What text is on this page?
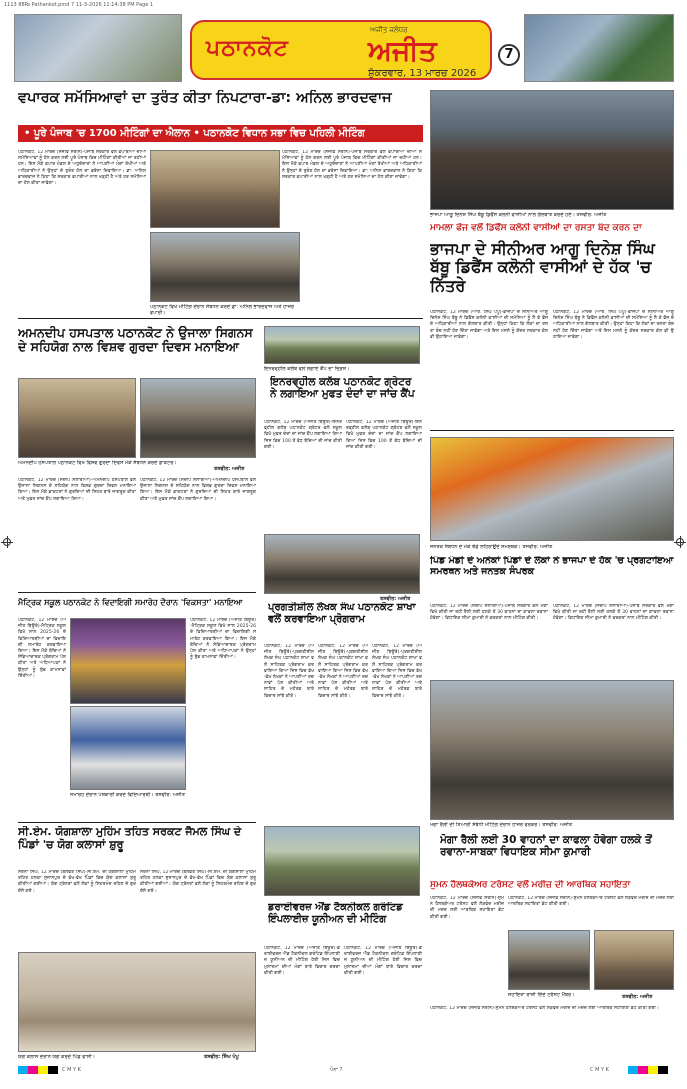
1113 88₨ Pathankot.pmd 7 11-3-2026 11:14:38 PM Page 1
ਪਠਾਨਕੋਟ
ਅਜੀਤ ਜਲੰਧਰ
ਅਜੀਤ
ਸ਼ੁੱਕਰਵਾਰ, 13 ਮਾਰਚ 2026
7
ਵਪਾਰਕ ਸਮੱਸਿਆਵਾਂ ਦਾ ਤੁਰੰਤ ਕੀਤਾ ਨਿਪਟਾਰਾ-ਡਾ: ਅਨਿਲ ਭਾਰਦਵਾਜ
• ਪੂਰੇ ਪੰਜਾਬ 'ਚ 1700 ਮੀਟਿੰਗਾਂ ਦਾ ਐਲਾਨ • ਪਠਾਨਕੋਟ ਵਿਧਾਨ ਸਭਾ ਵਿਚ ਪਹਿਲੀ ਮੀਟਿੰਗ
ਪਠਾਨਕੋਟ, 12 ਮਾਰਚ (ਸੰਜੀਵ ਸਰੀਨ)-ਪੰਜਾਬ ਸਰਕਾਰ ਵਲੋਂ ਵਪਾਰੀਆਂ ਦੀਆਂ ਸਮੱਸਿਆਵਾਂ ਨੂੰ ਹੱਲ ਕਰਨ ਲਈ ਪੂਰੇ ਪੰਜਾਬ ਵਿਚ ਮੀਟਿੰਗਾਂ ਕੀਤੀਆਂ ਜਾ ਰਹੀਆਂ ਹਨ। ਇਸ ਮੌਕੇ ਵਪਾਰ ਮੰਡਲ ਦੇ ਅਹੁਦੇਦਾਰਾਂ ਨੇ ਆਪਣੀਆਂ ਮੰਗਾਂ ਰੱਖੀਆਂ ਅਤੇ ਅਧਿਕਾਰੀਆਂ ਨੇ ਉਨ੍ਹਾਂ ਦੇ ਤੁਰੰਤ ਹੱਲ ਦਾ ਭਰੋਸਾ ਦਿਵਾਇਆ। ਡਾ: ਅਨਿਲ ਭਾਰਦਵਾਜ ਨੇ ਕਿਹਾ ਕਿ ਸਰਕਾਰ ਵਪਾਰੀਆਂ ਨਾਲ ਖੜ੍ਹੀ ਹੈ ਅਤੇ ਹਰ ਸਮੱਸਿਆ ਦਾ ਹੱਲ ਕੀਤਾ ਜਾਵੇਗਾ।
ਪਠਾਨਕੋਟ, 12 ਮਾਰਚ (ਸੰਜੀਵ ਸਰੀਨ)-ਪੰਜਾਬ ਸਰਕਾਰ ਵਲੋਂ ਵਪਾਰੀਆਂ ਦੀਆਂ ਸਮੱਸਿਆਵਾਂ ਨੂੰ ਹੱਲ ਕਰਨ ਲਈ ਪੂਰੇ ਪੰਜਾਬ ਵਿਚ ਮੀਟਿੰਗਾਂ ਕੀਤੀਆਂ ਜਾ ਰਹੀਆਂ ਹਨ। ਇਸ ਮੌਕੇ ਵਪਾਰ ਮੰਡਲ ਦੇ ਅਹੁਦੇਦਾਰਾਂ ਨੇ ਆਪਣੀਆਂ ਮੰਗਾਂ ਰੱਖੀਆਂ ਅਤੇ ਅਧਿਕਾਰੀਆਂ ਨੇ ਉਨ੍ਹਾਂ ਦੇ ਤੁਰੰਤ ਹੱਲ ਦਾ ਭਰੋਸਾ ਦਿਵਾਇਆ। ਡਾ: ਅਨਿਲ ਭਾਰਦਵਾਜ ਨੇ ਕਿਹਾ ਕਿ ਸਰਕਾਰ ਵਪਾਰੀਆਂ ਨਾਲ ਖੜ੍ਹੀ ਹੈ ਅਤੇ ਹਰ ਸਮੱਸਿਆ ਦਾ ਹੱਲ ਕੀਤਾ ਜਾਵੇਗਾ।
ਪਠਾਨਕੋਟ ਵਿਖੇ ਮੀਟਿੰਗ ਦੌਰਾਨ ਸੰਬੋਧਨ ਕਰਦੇ ਡਾ: ਅਨਿਲ ਭਾਰਦਵਾਜ ਅਤੇ ਹਾਜ਼ਰ ਵਪਾਰੀ।
ਭਾਜਪਾ ਆਗੂ ਦਿਨੇਸ਼ ਸਿੰਘ ਬੱਬੂ ਡਿਫੈਂਸ ਕਲੋਨੀ ਵਾਸੀਆਂ ਨਾਲ ਗੱਲਬਾਤ ਕਰਦੇ ਹੋਏ। ਤਸਵੀਰ: ਅਜੀਤ
ਮਾਮਲਾ ਫੌਜ ਵਲੋਂ ਡਿਫੈਂਸ ਕਲੋਨੀ ਵਾਸੀਆਂ ਦਾ ਰਸਤਾ ਬੰਦ ਕਰਨ ਦਾ
ਭਾਜਪਾ ਦੇ ਸੀਨੀਅਰ ਆਗੂ ਦਿਨੇਸ਼ ਸਿੰਘ ਬੱਬੂ ਡਿਫੈਂਸ ਕਲੋਨੀ ਵਾਸੀਆਂ ਦੇ ਹੱਕ 'ਚ ਨਿੱਤਰੇ
ਪਠਾਨਕੋਟ, 12 ਮਾਰਚ (ਆਰ. ਸਿੰਘ ਪੱਪੂ)-ਭਾਜਪਾ ਦੇ ਸੀਨੀਅਰ ਆਗੂ ਦਿਨੇਸ਼ ਸਿੰਘ ਬੱਬੂ ਨੇ ਡਿਫੈਂਸ ਕਲੋਨੀ ਵਾਸੀਆਂ ਦੀ ਸਮੱਸਿਆ ਨੂੰ ਲੈ ਕੇ ਫੌਜ ਦੇ ਅਧਿਕਾਰੀਆਂ ਨਾਲ ਗੱਲਬਾਤ ਕੀਤੀ। ਉਨ੍ਹਾਂ ਕਿਹਾ ਕਿ ਲੋਕਾਂ ਦਾ ਰਸਤਾ ਬੰਦ ਨਹੀਂ ਹੋਣ ਦਿੱਤਾ ਜਾਵੇਗਾ ਅਤੇ ਇਸ ਮਸਲੇ ਨੂੰ ਕੇਂਦਰ ਸਰਕਾਰ ਕੋਲ ਵੀ ਉਠਾਇਆ ਜਾਵੇਗਾ।
ਪਠਾਨਕੋਟ, 12 ਮਾਰਚ (ਆਰ. ਸਿੰਘ ਪੱਪੂ)-ਭਾਜਪਾ ਦੇ ਸੀਨੀਅਰ ਆਗੂ ਦਿਨੇਸ਼ ਸਿੰਘ ਬੱਬੂ ਨੇ ਡਿਫੈਂਸ ਕਲੋਨੀ ਵਾਸੀਆਂ ਦੀ ਸਮੱਸਿਆ ਨੂੰ ਲੈ ਕੇ ਫੌਜ ਦੇ ਅਧਿਕਾਰੀਆਂ ਨਾਲ ਗੱਲਬਾਤ ਕੀਤੀ। ਉਨ੍ਹਾਂ ਕਿਹਾ ਕਿ ਲੋਕਾਂ ਦਾ ਰਸਤਾ ਬੰਦ ਨਹੀਂ ਹੋਣ ਦਿੱਤਾ ਜਾਵੇਗਾ ਅਤੇ ਇਸ ਮਸਲੇ ਨੂੰ ਕੇਂਦਰ ਸਰਕਾਰ ਕੋਲ ਵੀ ਉਠਾਇਆ ਜਾਵੇਗਾ।
ਅਮਨਦੀਪ ਹਸਪਤਾਲ ਪਠਾਨਕੋਟ ਨੇ ਉਜਾਲਾ ਸਿਗਨਸ ਦੇ ਸਹਿਯੋਗ ਨਾਲ ਵਿਸ਼ਵ ਗੁਰਦਾ ਦਿਵਸ ਮਨਾਇਆ
ਅਮਨਦੀਪ ਹਸਪਤਾਲ ਪਠਾਨਕੋਟ ਵਿਖੇ ਵਿਸ਼ਵ ਗੁਰਦਾ ਦਿਵਸ ਮੌਕੇ ਸੰਬੋਧਨ ਕਰਦੇ ਡਾਕਟਰ।
ਤਸਵੀਰ: ਅਜੀਤ
ਪਠਾਨਕੋਟ, 12 ਮਾਰਚ (ਸੰਦੀਪ ਸਲਾਰੀਆ)-ਅਮਨਦੀਪ ਹਸਪਤਾਲ ਵਲੋਂ ਉਜਾਲਾ ਸਿਗਨਸ ਦੇ ਸਹਿਯੋਗ ਨਾਲ ਵਿਸ਼ਵ ਗੁਰਦਾ ਦਿਵਸ ਮਨਾਇਆ ਗਿਆ। ਇਸ ਮੌਕੇ ਡਾਕਟਰਾਂ ਨੇ ਗੁਰਦਿਆਂ ਦੀ ਸਿਹਤ ਬਾਰੇ ਜਾਗਰੂਕ ਕੀਤਾ ਅਤੇ ਮੁਫਤ ਜਾਂਚ ਕੈਂਪ ਲਗਾਇਆ ਗਿਆ।
ਪਠਾਨਕੋਟ, 12 ਮਾਰਚ (ਸੰਦੀਪ ਸਲਾਰੀਆ)-ਅਮਨਦੀਪ ਹਸਪਤਾਲ ਵਲੋਂ ਉਜਾਲਾ ਸਿਗਨਸ ਦੇ ਸਹਿਯੋਗ ਨਾਲ ਵਿਸ਼ਵ ਗੁਰਦਾ ਦਿਵਸ ਮਨਾਇਆ ਗਿਆ। ਇਸ ਮੌਕੇ ਡਾਕਟਰਾਂ ਨੇ ਗੁਰਦਿਆਂ ਦੀ ਸਿਹਤ ਬਾਰੇ ਜਾਗਰੂਕ ਕੀਤਾ ਅਤੇ ਮੁਫਤ ਜਾਂਚ ਕੈਂਪ ਲਗਾਇਆ ਗਿਆ।
ਇਨਰਵ੍ਹੀਲ ਕਲੱਬ ਵਲੋਂ ਲਗਾਏ ਕੈਂਪ ਦਾ ਦ੍ਰਿਸ਼।
ਇਨਰਵ੍ਹੀਲ ਕਲੱਬ ਪਠਾਨਕੋਟ ਗ੍ਰੇਟਰ ਨੇ ਲਗਾਇਆ ਮੁਫਤ ਦੰਦਾਂ ਦਾ ਜਾਂਚ ਕੈਂਪ
ਪਠਾਨਕੋਟ, 12 ਮਾਰਚ (ਅਜੀਤ ਬਿਊਰੋ)-ਇਨਰਵ੍ਹੀਲ ਕਲੱਬ ਪਠਾਨਕੋਟ ਗ੍ਰੇਟਰ ਵਲੋਂ ਸਕੂਲ ਵਿਖੇ ਮੁਫਤ ਦੰਦਾਂ ਦਾ ਜਾਂਚ ਕੈਂਪ ਲਗਾਇਆ ਗਿਆ ਜਿਸ ਵਿਚ 100 ਤੋਂ ਵੱਧ ਬੱਚਿਆਂ ਦੀ ਜਾਂਚ ਕੀਤੀ ਗਈ।
ਪਠਾਨਕੋਟ, 12 ਮਾਰਚ (ਅਜੀਤ ਬਿਊਰੋ)-ਇਨਰਵ੍ਹੀਲ ਕਲੱਬ ਪਠਾਨਕੋਟ ਗ੍ਰੇਟਰ ਵਲੋਂ ਸਕੂਲ ਵਿਖੇ ਮੁਫਤ ਦੰਦਾਂ ਦਾ ਜਾਂਚ ਕੈਂਪ ਲਗਾਇਆ ਗਿਆ ਜਿਸ ਵਿਚ 100 ਤੋਂ ਵੱਧ ਬੱਚਿਆਂ ਦੀ ਜਾਂਚ ਕੀਤੀ ਗਈ।
ਤਸਵੀਰ: ਅਜੀਤ
ਜਨਤਕ ਸੰਬੋਧਨ ਦੇ ਮੌਕੇ ਝੰਡੇ ਲਹਿਰਾਉਂਦੇ ਸਮਰਥਕ। ਤਸਵੀਰ: ਅਜੀਤ
ਪਿੰਡ ਮੰਡੀ ਦੇ ਅਨੇਕਾਂ ਪਿੰਡਾਂ ਦੇ ਲੋਕਾਂ ਨੇ ਭਾਜਪਾ ਦੇ ਹੱਕ 'ਚ ਪ੍ਰਗਟਾਇਆ ਸਮਰਥਨ ਅਤੇ ਜਨਤਕ ਸੰਪਰਕ
ਮੈਟ੍ਰਿਕ ਸਕੂਲ ਪਠਾਨਕੋਟ ਨੇ ਵਿਦਾਇਗੀ ਸਮਾਰੋਹ ਦੌਰਾਨ 'ਵਿਕਸਤਾ' ਮਨਾਇਆ
ਪਠਾਨਕੋਟ, 12 ਮਾਰਚ (ਅਜੀਤ ਬਿਊਰੋ)-ਮੈਟ੍ਰਿਕ ਸਕੂਲ ਵਿਖੇ ਸਾਲ 2025-26 ਦੇ ਵਿਦਿਆਰਥੀਆਂ ਦਾ ਵਿਦਾਇਗੀ ਸਮਾਰੋਹ ਕਰਵਾਇਆ ਗਿਆ। ਇਸ ਮੌਕੇ ਬੱਚਿਆਂ ਨੇ ਸੱਭਿਆਚਾਰਕ ਪ੍ਰੋਗਰਾਮ ਪੇਸ਼ ਕੀਤਾ ਅਤੇ ਅਧਿਆਪਕਾਂ ਨੇ ਉਨ੍ਹਾਂ ਨੂੰ ਸ਼ੁੱਭ ਕਾਮਨਾਵਾਂ ਦਿੱਤੀਆਂ।
ਪਠਾਨਕੋਟ, 12 ਮਾਰਚ (ਅਜੀਤ ਬਿਊਰੋ)-ਮੈਟ੍ਰਿਕ ਸਕੂਲ ਵਿਖੇ ਸਾਲ 2025-26 ਦੇ ਵਿਦਿਆਰਥੀਆਂ ਦਾ ਵਿਦਾਇਗੀ ਸਮਾਰੋਹ ਕਰਵਾਇਆ ਗਿਆ। ਇਸ ਮੌਕੇ ਬੱਚਿਆਂ ਨੇ ਸੱਭਿਆਚਾਰਕ ਪ੍ਰੋਗਰਾਮ ਪੇਸ਼ ਕੀਤਾ ਅਤੇ ਅਧਿਆਪਕਾਂ ਨੇ ਉਨ੍ਹਾਂ ਨੂੰ ਸ਼ੁੱਭ ਕਾਮਨਾਵਾਂ ਦਿੱਤੀਆਂ।
ਸਮਾਰੋਹ ਦੌਰਾਨ ਪੇਸ਼ਕਾਰੀ ਕਰਦੇ ਵਿਦਿਆਰਥੀ। ਤਸਵੀਰ: ਅਜੀਤ
ਪ੍ਰਗਤੀਸ਼ੀਲ ਲੇਖਕ ਸੰਘ ਪਠਾਨਕੋਟ ਸ਼ਾਖਾ ਵਲੋਂ ਕਰਵਾਇਆ ਪ੍ਰੋਗਰਾਮ
ਪਠਾਨਕੋਟ, 12 ਮਾਰਚ (ਅਜੀਤ ਬਿਊਰੋ)-ਪ੍ਰਗਤੀਸ਼ੀਲ ਲੇਖਕ ਸੰਘ ਪਠਾਨਕੋਟ ਸ਼ਾਖਾ ਵਲੋਂ ਸਾਹਿਤਕ ਪ੍ਰੋਗਰਾਮ ਕਰਵਾਇਆ ਗਿਆ ਜਿਸ ਵਿਚ ਵੱਖ-ਵੱਖ ਲੇਖਕਾਂ ਨੇ ਆਪਣੀਆਂ ਰਚਨਾਵਾਂ ਪੇਸ਼ ਕੀਤੀਆਂ ਅਤੇ ਸਾਹਿਤ ਦੇ ਮਹੱਤਵ ਬਾਰੇ ਵਿਚਾਰ ਸਾਂਝੇ ਕੀਤੇ।
ਪਠਾਨਕੋਟ, 12 ਮਾਰਚ (ਅਜੀਤ ਬਿਊਰੋ)-ਪ੍ਰਗਤੀਸ਼ੀਲ ਲੇਖਕ ਸੰਘ ਪਠਾਨਕੋਟ ਸ਼ਾਖਾ ਵਲੋਂ ਸਾਹਿਤਕ ਪ੍ਰੋਗਰਾਮ ਕਰਵਾਇਆ ਗਿਆ ਜਿਸ ਵਿਚ ਵੱਖ-ਵੱਖ ਲੇਖਕਾਂ ਨੇ ਆਪਣੀਆਂ ਰਚਨਾਵਾਂ ਪੇਸ਼ ਕੀਤੀਆਂ ਅਤੇ ਸਾਹਿਤ ਦੇ ਮਹੱਤਵ ਬਾਰੇ ਵਿਚਾਰ ਸਾਂਝੇ ਕੀਤੇ।
ਪਠਾਨਕੋਟ, 12 ਮਾਰਚ (ਅਜੀਤ ਬਿਊਰੋ)-ਪ੍ਰਗਤੀਸ਼ੀਲ ਲੇਖਕ ਸੰਘ ਪਠਾਨਕੋਟ ਸ਼ਾਖਾ ਵਲੋਂ ਸਾਹਿਤਕ ਪ੍ਰੋਗਰਾਮ ਕਰਵਾਇਆ ਗਿਆ ਜਿਸ ਵਿਚ ਵੱਖ-ਵੱਖ ਲੇਖਕਾਂ ਨੇ ਆਪਣੀਆਂ ਰਚਨਾਵਾਂ ਪੇਸ਼ ਕੀਤੀਆਂ ਅਤੇ ਸਾਹਿਤ ਦੇ ਮਹੱਤਵ ਬਾਰੇ ਵਿਚਾਰ ਸਾਂਝੇ ਕੀਤੇ।
ਪਠਾਨਕੋਟ, 12 ਮਾਰਚ (ਸੰਦੀਪ ਸਲਾਰੀਆ)-ਪੰਜਾਬ ਸਰਕਾਰ ਵਲੋਂ ਮੋਗਾ ਵਿਖੇ ਕੀਤੀ ਜਾ ਰਹੀ ਰੈਲੀ ਲਈ ਹਲਕੇ ਤੋਂ 30 ਵਾਹਨਾਂ ਦਾ ਕਾਫਲਾ ਰਵਾਨਾ ਹੋਵੇਗਾ। ਵਿਧਾਇਕ ਸੀਮਾ ਕੁਮਾਰੀ ਨੇ ਵਰਕਰਾਂ ਨਾਲ ਮੀਟਿੰਗ ਕੀਤੀ।
ਪਠਾਨਕੋਟ, 12 ਮਾਰਚ (ਸੰਦੀਪ ਸਲਾਰੀਆ)-ਪੰਜਾਬ ਸਰਕਾਰ ਵਲੋਂ ਮੋਗਾ ਵਿਖੇ ਕੀਤੀ ਜਾ ਰਹੀ ਰੈਲੀ ਲਈ ਹਲਕੇ ਤੋਂ 30 ਵਾਹਨਾਂ ਦਾ ਕਾਫਲਾ ਰਵਾਨਾ ਹੋਵੇਗਾ। ਵਿਧਾਇਕ ਸੀਮਾ ਕੁਮਾਰੀ ਨੇ ਵਰਕਰਾਂ ਨਾਲ ਮੀਟਿੰਗ ਕੀਤੀ।
ਮੋਗਾ ਰੈਲੀ ਦੀ ਤਿਆਰੀ ਸੰਬੰਧੀ ਮੀਟਿੰਗ ਦੌਰਾਨ ਹਾਜ਼ਰ ਵਰਕਰ। ਤਸਵੀਰ: ਅਜੀਤ
ਮੋਗਾ ਰੈਲੀ ਲਈ 30 ਵਾਹਨਾਂ ਦਾ ਕਾਫਲਾ ਹੋਵੇਗਾ ਹਲਕੇ ਤੋਂ ਰਵਾਨਾ-ਸਾਬਕਾ ਵਿਧਾਇਕ ਸੀਮਾ ਕੁਮਾਰੀ
ਸੀ.ਏਮ. ਯੋਗਸ਼ਾਲਾ ਮੁਹਿੰਮ ਤਹਿਤ ਸਰਕਟ ਜੈਮਲ ਸਿੰਘ ਦੇ ਪਿੰਡਾਂ 'ਚ ਯੋਗ ਕਲਾਸਾਂ ਸ਼ੁਰੂ
ਸਰਨਾ ਸਿੰਘ, 12 ਮਾਰਚ (ਬਲਵੰਤ ਸਿੰਘ)-ਸੀ.ਏਮ. ਦੀ ਯੋਗਸ਼ਾਲਾ ਮੁਹਿੰਮ ਤਹਿਤ ਹਲਕਾ ਸੁਜਾਨਪੁਰ ਦੇ ਵੱਖ-ਵੱਖ ਪਿੰਡਾਂ ਵਿਚ ਯੋਗ ਕਲਾਸਾਂ ਸ਼ੁਰੂ ਕੀਤੀਆਂ ਗਈਆਂ। ਯੋਗ ਟ੍ਰੇਨਰਾਂ ਵਲੋਂ ਲੋਕਾਂ ਨੂੰ ਸਿਹਤਮੰਦ ਰਹਿਣ ਦੇ ਗੁਰ ਦੱਸੇ ਗਏ।
ਸਰਨਾ ਸਿੰਘ, 12 ਮਾਰਚ (ਬਲਵੰਤ ਸਿੰਘ)-ਸੀ.ਏਮ. ਦੀ ਯੋਗਸ਼ਾਲਾ ਮੁਹਿੰਮ ਤਹਿਤ ਹਲਕਾ ਸੁਜਾਨਪੁਰ ਦੇ ਵੱਖ-ਵੱਖ ਪਿੰਡਾਂ ਵਿਚ ਯੋਗ ਕਲਾਸਾਂ ਸ਼ੁਰੂ ਕੀਤੀਆਂ ਗਈਆਂ। ਯੋਗ ਟ੍ਰੇਨਰਾਂ ਵਲੋਂ ਲੋਕਾਂ ਨੂੰ ਸਿਹਤਮੰਦ ਰਹਿਣ ਦੇ ਗੁਰ ਦੱਸੇ ਗਏ।
ਯੋਗ ਕਲਾਸ ਦੌਰਾਨ ਯੋਗ ਕਰਦੇ ਪਿੰਡ ਵਾਸੀ।	ਤਸਵੀਰ: ਸਿੰਘ ਪੱਪੂ
ਡਰਾਈਵਰਜ਼ ਐਂਡ ਟੈਕਨੀਕਲ ਗਰੰਟਿਡ ਇੰਪਲਾਈਜ਼ ਯੂਨੀਅਨ ਦੀ ਮੀਟਿੰਗ
ਪਠਾਨਕੋਟ, 12 ਮਾਰਚ (ਅਜੀਤ ਬਿਊਰੋ)-ਡਰਾਈਵਰਜ਼ ਐਂਡ ਟੈਕਨੀਕਲ ਗਰੰਟਿਡ ਇੰਪਲਾਈਜ਼ ਯੂਨੀਅਨ ਦੀ ਮੀਟਿੰਗ ਹੋਈ ਜਿਸ ਵਿਚ ਮੁਲਾਜ਼ਮਾਂ ਦੀਆਂ ਮੰਗਾਂ ਬਾਰੇ ਵਿਚਾਰ ਚਰਚਾ ਕੀਤੀ ਗਈ।
ਪਠਾਨਕੋਟ, 12 ਮਾਰਚ (ਅਜੀਤ ਬਿਊਰੋ)-ਡਰਾਈਵਰਜ਼ ਐਂਡ ਟੈਕਨੀਕਲ ਗਰੰਟਿਡ ਇੰਪਲਾਈਜ਼ ਯੂਨੀਅਨ ਦੀ ਮੀਟਿੰਗ ਹੋਈ ਜਿਸ ਵਿਚ ਮੁਲਾਜ਼ਮਾਂ ਦੀਆਂ ਮੰਗਾਂ ਬਾਰੇ ਵਿਚਾਰ ਚਰਚਾ ਕੀਤੀ ਗਈ।
ਸੁਮਨ ਹੈਲਥਕੇਅਰ ਟਰੱਸਟ ਵਲੋਂ ਮਰੀਜ਼ ਦੀ ਆਰਥਿਕ ਸਹਾਇਤਾ
ਪਠਾਨਕੋਟ, 12 ਮਾਰਚ (ਸੰਜੀਵ ਸਰੀਨ)-ਸੁਮਨ ਹੈਲਥਕੇਅਰ ਟਰੱਸਟ ਵਲੋਂ ਲੋੜਵੰਦ ਮਰੀਜ਼ ਦੀ ਮਦਦ ਲਈ ਆਰਥਿਕ ਸਹਾਇਤਾ ਭੇਟ ਕੀਤੀ ਗਈ।
ਪਠਾਨਕੋਟ, 12 ਮਾਰਚ (ਸੰਜੀਵ ਸਰੀਨ)-ਸੁਮਨ ਹੈਲਥਕੇਅਰ ਟਰੱਸਟ ਵਲੋਂ ਲੋੜਵੰਦ ਮਰੀਜ਼ ਦੀ ਮਦਦ ਲਈ ਆਰਥਿਕ ਸਹਾਇਤਾ ਭੇਟ ਕੀਤੀ ਗਈ।
ਸਹਾਇਤਾ ਰਾਸ਼ੀ ਦਿੰਦੇ ਟਰੱਸਟ ਮੈਂਬਰ।	ਤਸਵੀਰ: ਅਜੀਤ
ਪਠਾਨਕੋਟ, 12 ਮਾਰਚ (ਸੰਜੀਵ ਸਰੀਨ)-ਸੁਮਨ ਹੈਲਥਕੇਅਰ ਟਰੱਸਟ ਵਲੋਂ ਲੋੜਵੰਦ ਮਰੀਜ਼ ਦੀ ਮਦਦ ਲਈ ਆਰਥਿਕ ਸਹਾਇਤਾ ਭੇਟ ਕੀਤੀ ਗਈ।
C M Y K	ਪੰਨਾ 7	C M Y K
